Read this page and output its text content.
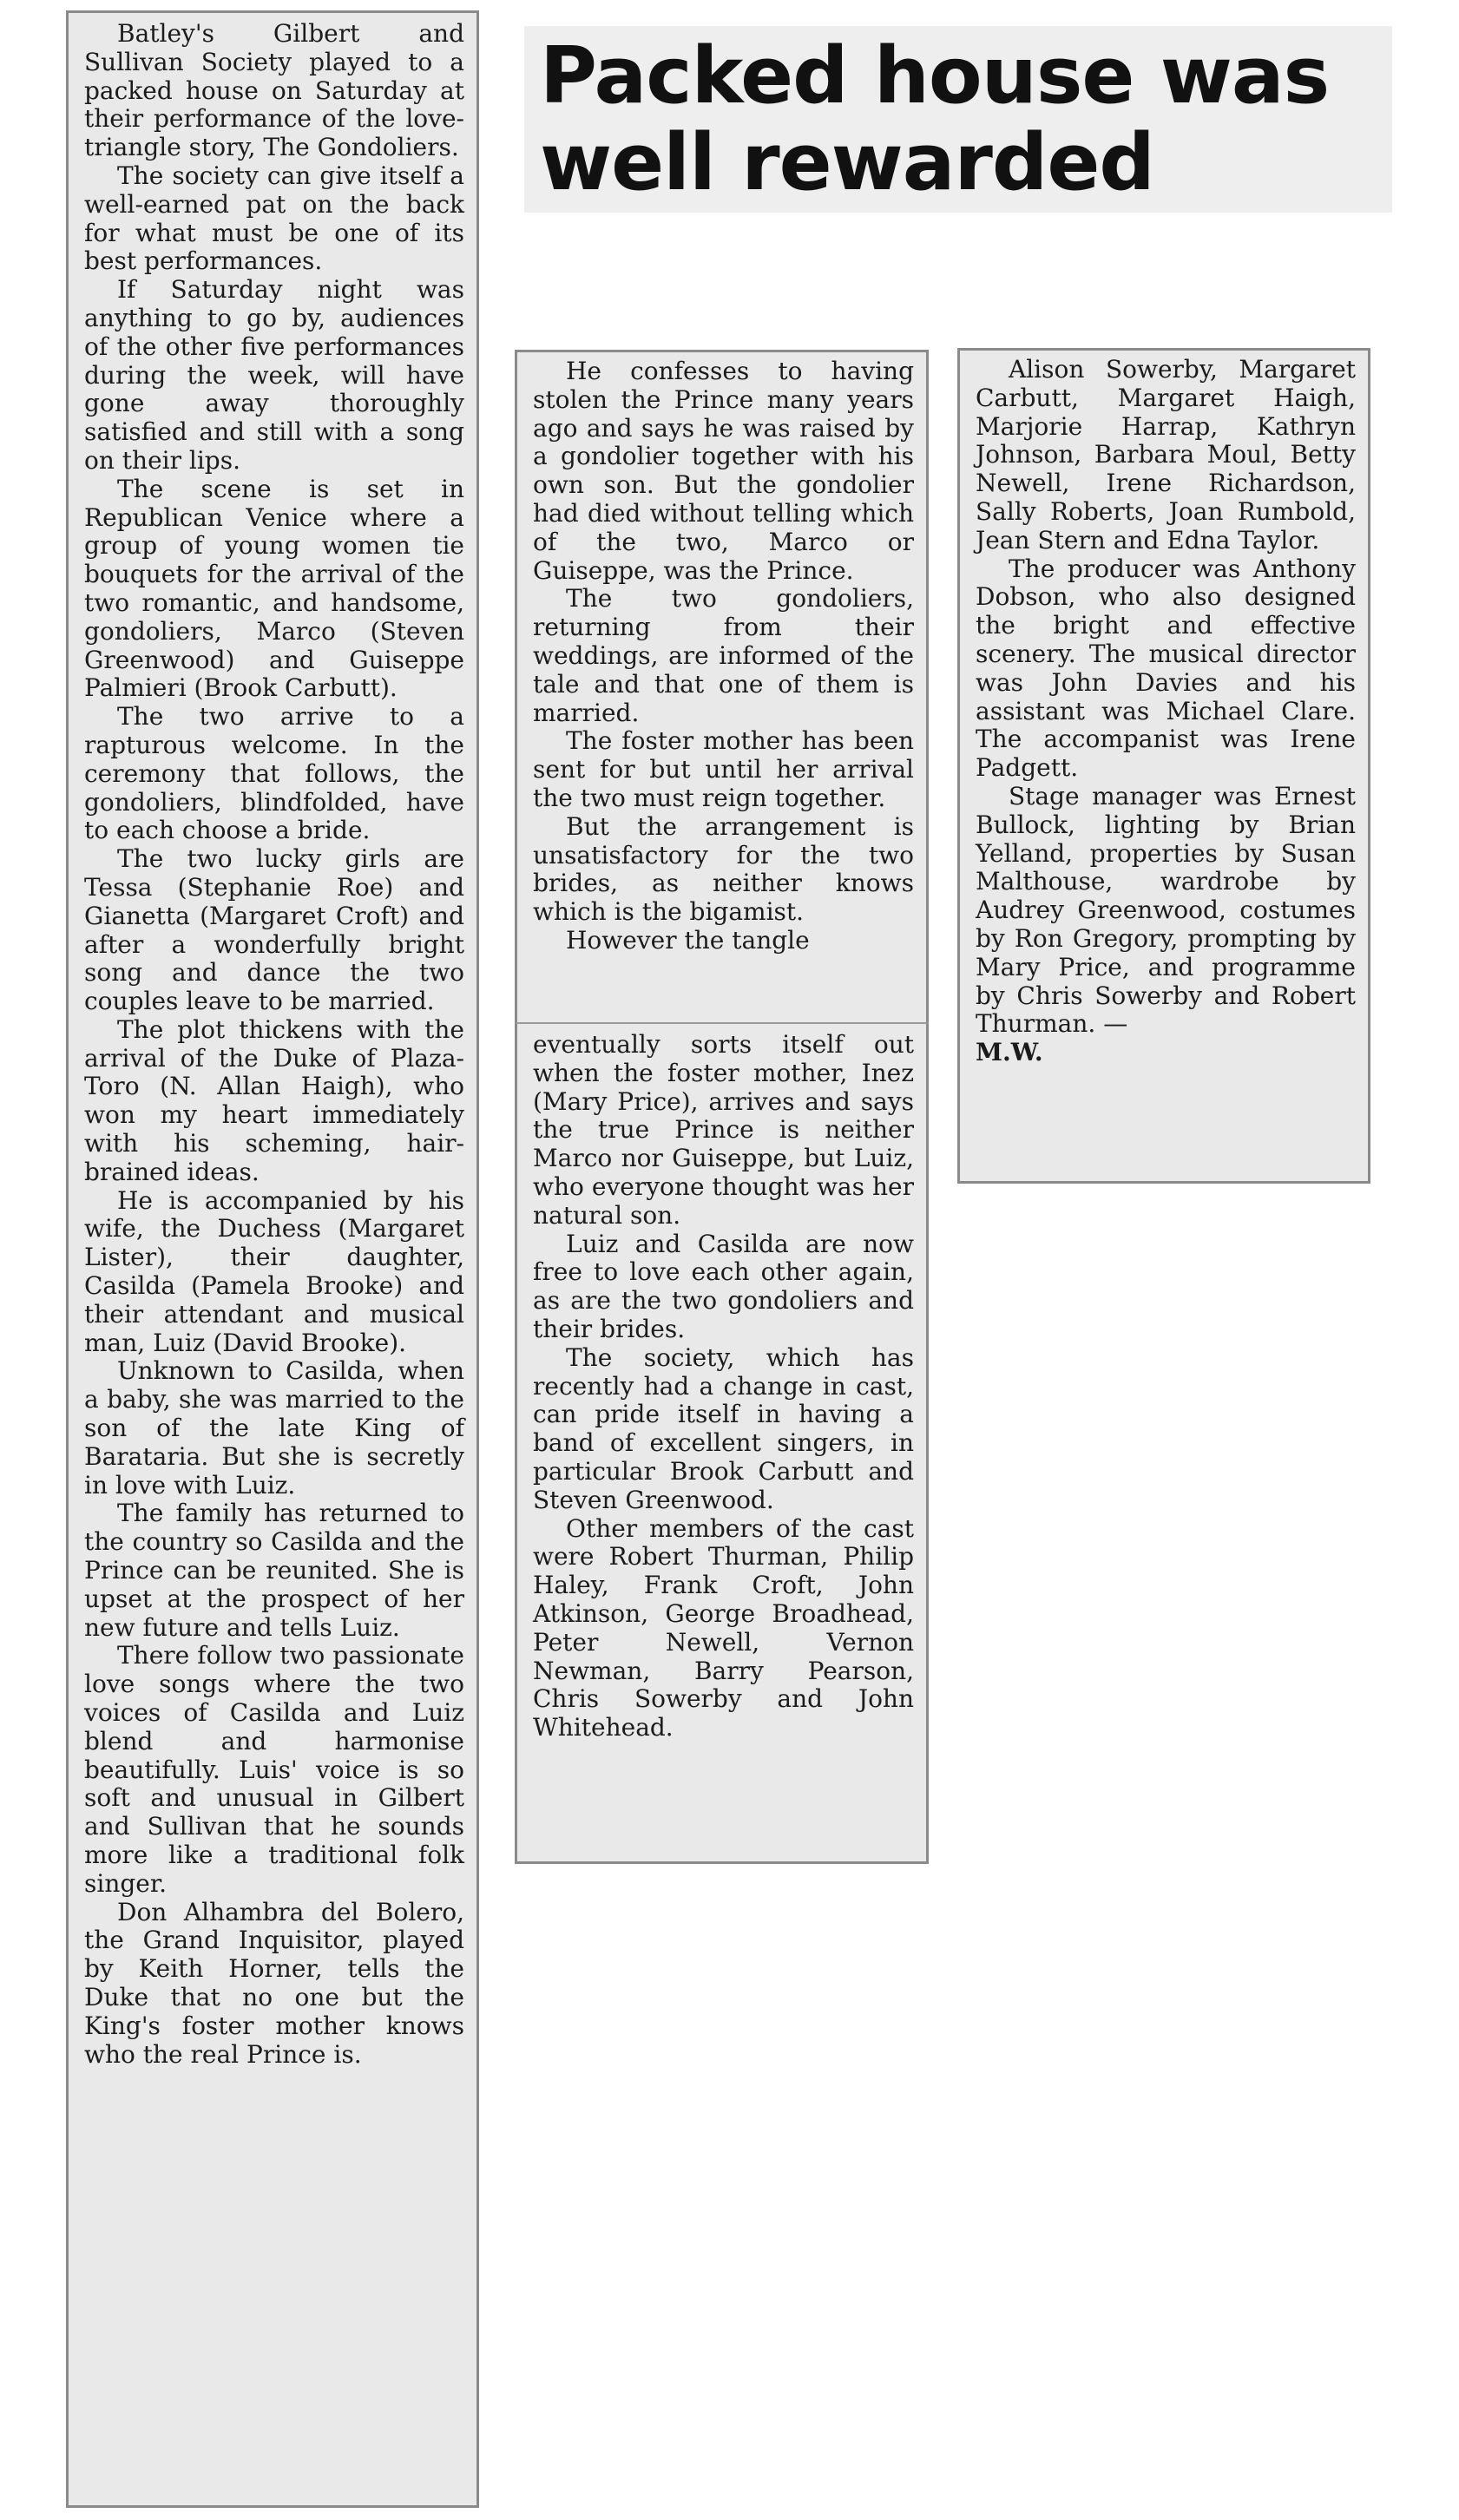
Packed house was well rewarded

Batley's Gilbert and Sullivan Society played to a packed house on Saturday at their performance of the love-triangle story, The Gondoliers.

The society can give itself a well-earned pat on the back for what must be one of its best performances.

If Saturday night was anything to go by, audiences of the other five performances during the week, will have gone away thoroughly satisfied and still with a song on their lips.

The scene is set in Republican Venice where a group of young women tie bouquets for the arrival of the two romantic, and handsome, gondoliers, Marco (Steven Greenwood) and Guiseppe Palmieri (Brook Carbutt).

The two arrive to a rapturous welcome. In the ceremony that follows, the gondoliers, blindfolded, have to each choose a bride.

The two lucky girls are Tessa (Stephanie Roe) and Gianetta (Margaret Croft) and after a wonderfully bright song and dance the two couples leave to be married.

The plot thickens with the arrival of the Duke of Plaza-Toro (N. Allan Haigh), who won my heart immediately with his scheming, hair-brained ideas.

He is accompanied by his wife, the Duchess (Margaret Lister), their daughter, Casilda (Pamela Brooke) and their attendant and musical man, Luiz (David Brooke).

Unknown to Casilda, when a baby, she was married to the son of the late King of Barataria. But she is secretly in love with Luiz.

The family has returned to the country so Casilda and the Prince can be reunited. She is upset at the prospect of her new future and tells Luiz.

There follow two passionate love songs where the two voices of Casilda and Luiz blend and harmonise beautifully. Luis' voice is so soft and unusual in Gilbert and Sullivan that he sounds more like a traditional folk singer.

Don Alhambra del Bolero, the Grand Inquisitor, played by Keith Horner, tells the Duke that no one but the King's foster mother knows who the real Prince is.

He confesses to having stolen the Prince many years ago and says he was raised by a gondolier together with his own son. But the gondolier had died without telling which of the two, Marco or Guiseppe, was the Prince.

The two gondoliers, returning from their weddings, are informed of the tale and that one of them is married.

The foster mother has been sent for but until her arrival the two must reign together.

But the arrangement is unsatisfactory for the two brides, as neither knows which is the bigamist.

However the tangle

eventually sorts itself out when the foster mother, Inez (Mary Price), arrives and says the true Prince is neither Marco nor Guiseppe, but Luiz, who everyone thought was her natural son.

Luiz and Casilda are now free to love each other again, as are the two gondoliers and their brides.

The society, which has recently had a change in cast, can pride itself in having a band of excellent singers, in particular Brook Carbutt and Steven Greenwood.

Other members of the cast were Robert Thurman, Philip Haley, Frank Croft, John Atkinson, George Broadhead, Peter Newell, Vernon Newman, Barry Pearson, Chris Sowerby and John Whitehead.

Alison Sowerby, Margaret Carbutt, Margaret Haigh, Marjorie Harrap, Kathryn Johnson, Barbara Moul, Betty Newell, Irene Richardson, Sally Roberts, Joan Rumbold, Jean Stern and Edna Taylor.

The producer was Anthony Dobson, who also designed the bright and effective scenery. The musical director was John Davies and his assistant was Michael Clare. The accompanist was Irene Padgett.

Stage manager was Ernest Bullock, lighting by Brian Yelland, properties by Susan Malthouse, wardrobe by Audrey Greenwood, costumes by Ron Gregory, prompting by Mary Price, and programme by Chris Sowerby and Robert Thurman. —

M.W.
